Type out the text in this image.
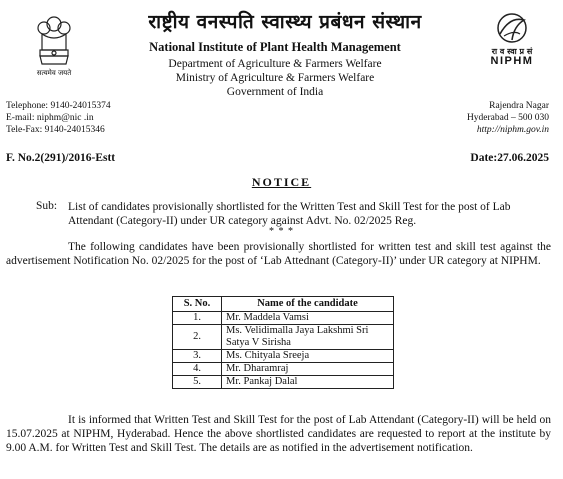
सत्यमेव जयते
राष्ट्रीय वनस्पति स्वास्थ्य प्रबंधन संस्थान
National Institute of Plant Health Management
Department of Agriculture & Farmers Welfare
Ministry of Agriculture & Farmers Welfare
Government of India
रा व स्वा प्र सं
NIPHM
Telephone: 9140-24015374
E-mail: niphm@nic .in
Tele-Fax: 9140-24015346
Rajendra Nagar
Hyderabad – 500 030
http://niphm.gov.in
F. No.2(291)/2016-Estt	Date:27.06.2025
NOTICE
Sub: List of candidates provisionally shortlisted for the Written Test and Skill Test for the post of Lab Attendant (Category-II) under UR category against Advt. No. 02/2025 Reg.
* * *
The following candidates have been provisionally shortlisted for written test and skill test against the advertisement Notification No. 02/2025 for the post of ‘Lab Attednant (Category-II)’ under UR category at NIPHM.
S. No.	Name of the candidate
1.	Mr. Maddela Vamsi
2.	Ms. Velidimalla Jaya Lakshmi Sri Satya V Sirisha
3.	Ms. Chityala Sreeja
4.	Mr. Dharamraj
5.	Mr. Pankaj Dalal
It is informed that Written Test and Skill Test for the post of Lab Attendant (Category-II) will be held on 15.07.2025 at NIPHM, Hyderabad. Hence the above shortlisted candidates are requested to report at the institute by 9.00 A.M. for Written Test and Skill Test. The details are as notified in the advertisement notification.
